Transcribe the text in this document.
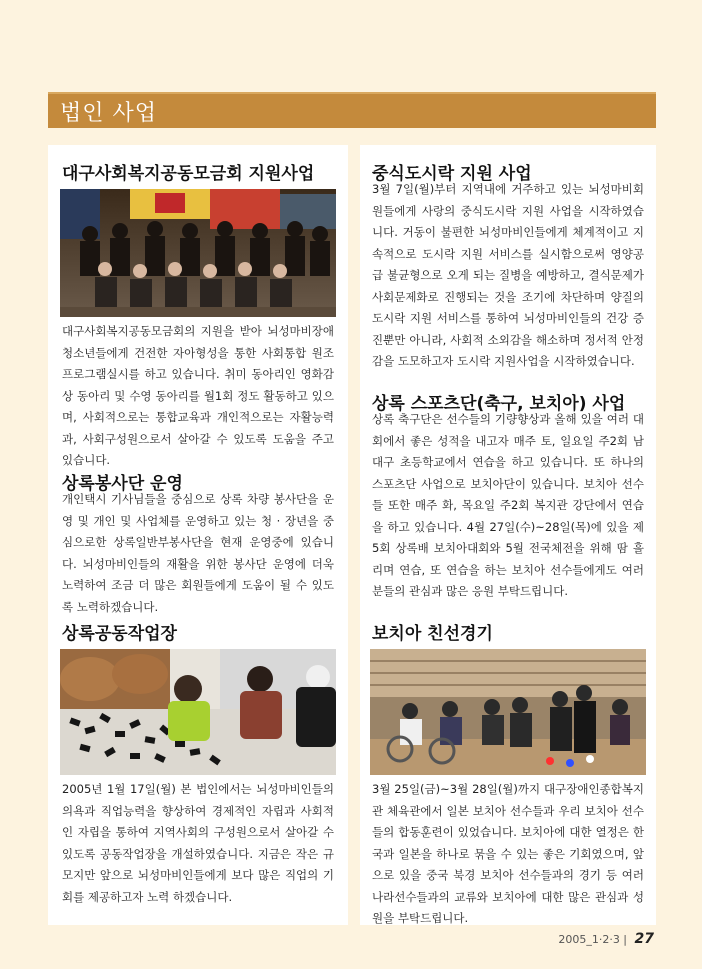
법인 사업
대구사회복지공동모금회 지원사업

대구사회복지공동모금회의 지원을 받아 뇌성마비장애 청소년들에게 건전한 자아형성을 통한 사회통합 원조 프로그램실시를 하고 있습니다. 취미 동아리인 영화감상 동아리 및 수영 동아리를 월1회 정도 활동하고 있으며, 사회적으로는 통합교육과 개인적으로는 자활능력과, 사회구성원으로서 살아갈 수 있도록 도움을 주고 있습니다.

상록봉사단 운영

개인택시 기사님들을 중심으로 상록 차량 봉사단을 운영 및 개인 및 사업체를 운영하고 있는 청 · 장년을 중심으로한 상록일반부봉사단을 현재 운영중에 있습니다. 뇌성마비인들의 재활을 위한 봉사단 운영에 더욱 노력하여 조금 더 많은 회원들에게 도움이 될 수 있도록 노력하겠습니다.

상록공동작업장

2005년 1월 17일(월) 본 법인에서는 뇌성마비인들의 의욕과 직업능력을 향상하여 경제적인 자립과 사회적인 자립을 통하여 지역사회의 구성원으로서 살아갈 수 있도록 공동작업장을 개설하였습니다. 지금은 작은 규모지만 앞으로 뇌성마비인들에게 보다 많은 직업의 기회를 제공하고자 노력 하겠습니다.

중식도시락 지원 사업

3월 7일(월)부터 지역내에 거주하고 있는 뇌성마비회원들에게 사랑의 중식도시락 지원 사업을 시작하였습니다. 거동이 불편한 뇌성마비인들에게 체계적이고 지속적으로 도시락 지원 서비스를 실시함으로써 영양공급 불균형으로 오게 되는 질병을 예방하고, 결식문제가 사회문제화로 진행되는 것을 조기에 차단하며 양질의 도시락 지원 서비스를 통하여 뇌성마비인들의 건강 증진뿐만 아니라, 사회적 소외감을 해소하며 정서적 안정감을 도모하고자 도시락 지원사업을 시작하였습니다.

상록 스포츠단(축구, 보치아) 사업

상록 축구단은 선수들의 기량향상과 올해 있을 여러 대회에서 좋은 성적을 내고자 매주 토, 일요일 주2회 남대구 초등학교에서 연습을 하고 있습니다. 또 하나의 스포츠단 사업으로 보치아단이 있습니다. 보치아 선수들 또한 매주 화, 목요일 주2회 복지관 강단에서 연습을 하고 있습니다. 4월 27일(수)~28일(목)에 있을 제5회 상록배 보치아대회와 5월 전국체전을 위해 땀 흘리며 연습, 또 연습을 하는 보치아 선수들에게도 여러분들의 관심과 많은 응원 부탁드립니다.

보치아 친선경기

3월 25일(금)~3월 28일(월)까지 대구장애인종합복지관 체육관에서 일본 보치아 선수들과 우리 보치아 선수들의 합동훈련이 있었습니다. 보치아에 대한 열정은 한국과 일본을 하나로 묶을 수 있는 좋은 기회였으며, 앞으로 있을 중국 북경 보치아 선수들과의 경기 등 여러 나라선수들과의 교류와 보치아에 대한 많은 관심과 성원을 부탁드립니다.

2005_1·2·3 | 27
